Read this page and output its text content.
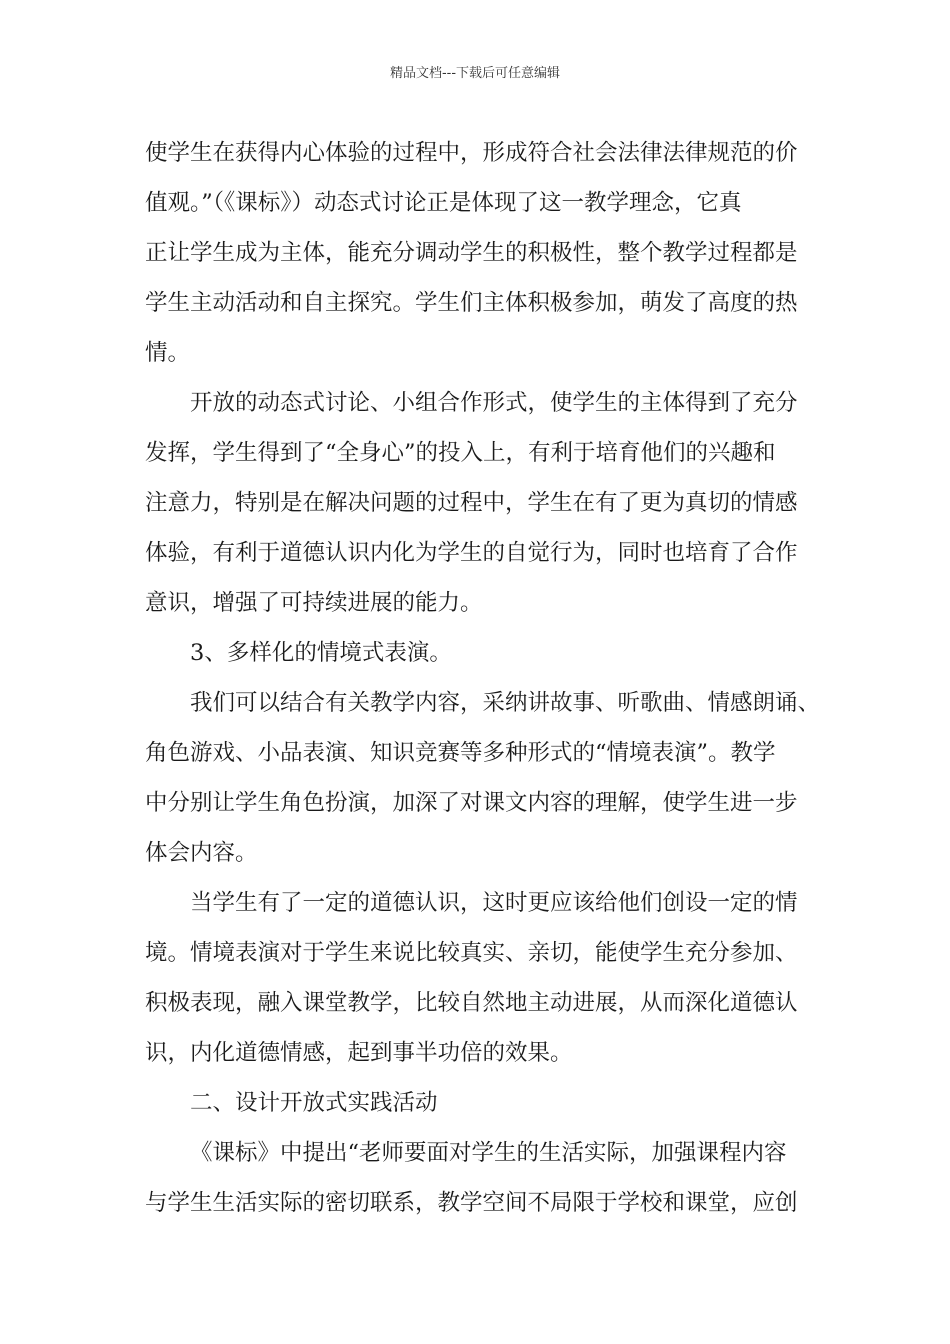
精品文档---下载后可任意编辑
使学生在获得内心体验的过程中，形成符合社会法律法律规范的价
值观。”（《课标》）动态式讨论正是体现了这一教学理念，它真
正让学生成为主体，能充分调动学生的积极性，整个教学过程都是
学生主动活动和自主探究。学生们主体积极参加，萌发了高度的热
情。
开放的动态式讨论、小组合作形式，使学生的主体得到了充分
发挥，学生得到了“全身心”的投入上，有利于培育他们的兴趣和
注意力，特别是在解决问题的过程中，学生在有了更为真切的情感
体验，有利于道德认识内化为学生的自觉行为，同时也培育了合作
意识，增强了可持续进展的能力。
3、多样化的情境式表演。
我们可以结合有关教学内容，采纳讲故事、听歌曲、情感朗诵、
角色游戏、小品表演、知识竞赛等多种形式的“情境表演”。教学
中分别让学生角色扮演，加深了对课文内容的理解，使学生进一步
体会内容。
当学生有了一定的道德认识，这时更应该给他们创设一定的情
境。情境表演对于学生来说比较真实、亲切，能使学生充分参加、
积极表现，融入课堂教学，比较自然地主动进展，从而深化道德认
识，内化道德情感，起到事半功倍的效果。
二、设计开放式实践活动
《课标》中提出“老师要面对学生的生活实际，加强课程内容
与学生生活实际的密切联系，教学空间不局限于学校和课堂，应创
